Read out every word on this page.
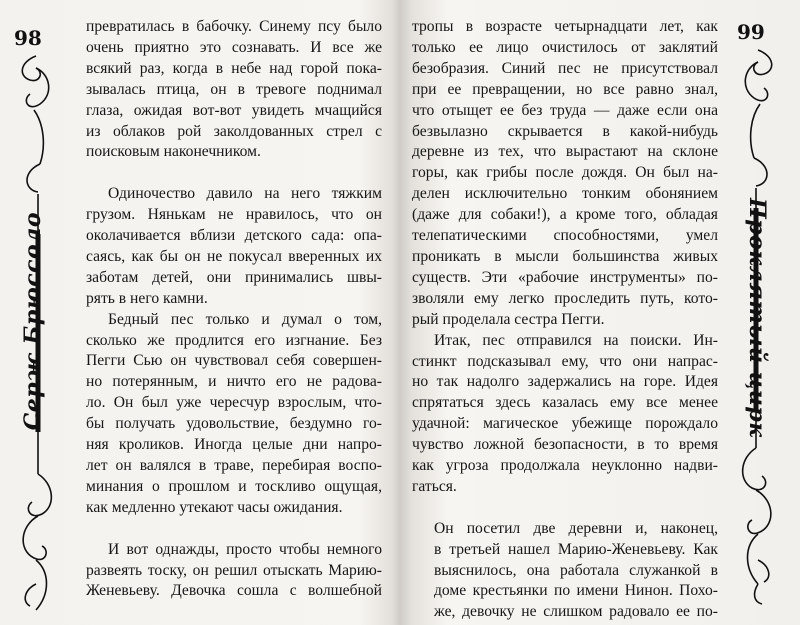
98
Серж Брюссоло
превратилась в бабочку. Синему псу было
очень приятно это сознавать. И все же
всякий раз, когда в небе над горой пока-
зывалась птица, он в тревоге поднимал
глаза, ожидая вот-вот увидеть мчащийся
из облаков рой заколдованных стрел с
поисковым наконечником.
Одиночество давило на него тяжким
грузом. Нянькам не нравилось, что он
околачивается вблизи детского сада: опа-
саясь, как бы он не покусал вверенных их
заботам детей, они принимались швы-
рять в него камни.
Бедный пес только и думал о том,
сколько же продлится его изгнание. Без
Пегги Сью он чувствовал себя совершен-
но потерянным, и ничто его не радова-
ло. Он был уже чересчур взрослым, что-
бы получать удовольствие, бездумно го-
няя кроликов. Иногда целые дни напро-
лет он валялся в траве, перебирая воспо-
минания о прошлом и тоскливо ощущая,
как медленно утекают часы ожидания.
И вот однажды, просто чтобы немного
развеять тоску, он решил отыскать Марию-
Женевьеву. Девочка сошла с волшебной
99
Проклятый цирк
тропы в возрасте четырнадцати лет, как
только ее лицо очистилось от заклятий
безобразия. Синий пес не присутствовал
при ее превращении, но все равно знал,
что отыщет ее без труда — даже если она
безвылазно скрывается в какой-нибудь
деревне из тех, что вырастают на склоне
горы, как грибы после дождя. Он был на-
делен исключительно тонким обонянием
(даже для собаки!), а кроме того, обладая
телепатическими способностями, умел
проникать в мысли большинства живых
существ. Эти «рабочие инструменты» по-
зволяли ему легко проследить путь, кото-
рый проделала сестра Пегги.
Итак, пес отправился на поиски. Ин-
стинкт подсказывал ему, что они напрас-
но так надолго задержались на горе. Идея
спрятаться здесь казалась ему все менее
удачной: магическое убежище порождало
чувство ложной безопасности, в то время
как угроза продолжала неуклонно надви-
гаться.
Он посетил две деревни и, наконец,
в третьей нашел Марию-Женевьеву. Как
выяснилось, она работала служанкой в
доме крестьянки по имени Нинон. Похо-
же, девочку не слишком радовало ее по-
